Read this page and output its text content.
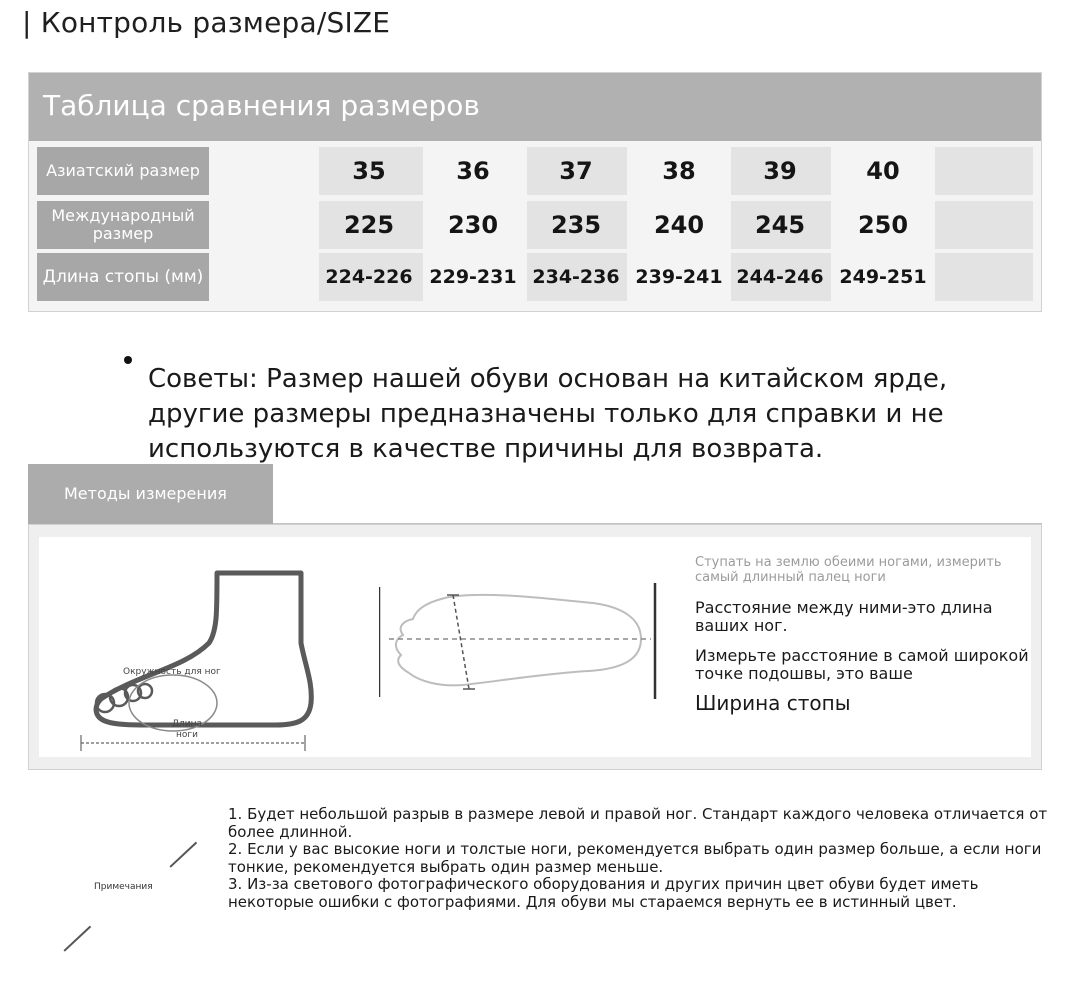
| Контроль размера/SIZE
Таблица сравнения размеров
Азиатский размер	35	36	37	38	39	40
Международный размер	225	230	235	240	245	250
Длина стопы (мм)	224-226 229-231 234-236 239-241 244-246 249-251
Советы: Размер нашей обуви основан на китайском ярде, другие размеры предназначены только для справки и не используются в качестве причины для возврата.
Методы измерения
Окружность для ног
Длина ноги
Ступать на землю обеими ногами, измерить самый длинный палец ноги
Расстояние между ними-это длина ваших ног.
Измерьте расстояние в самой широкой точке подошвы, это ваше
Ширина стопы
Примечания

1. Будет небольшой разрыв в размере левой и правой ног. Стандарт каждого человека отличается от более длинной.

2. Если у вас высокие ноги и толстые ноги, рекомендуется выбрать один размер больше, а если ноги тонкие, рекомендуется выбрать один размер меньше.

3. Из-за светового фотографического оборудования и других причин цвет обуви будет иметь некоторые ошибки с фотографиями. Для обуви мы стараемся вернуть ее в истинный цвет.
